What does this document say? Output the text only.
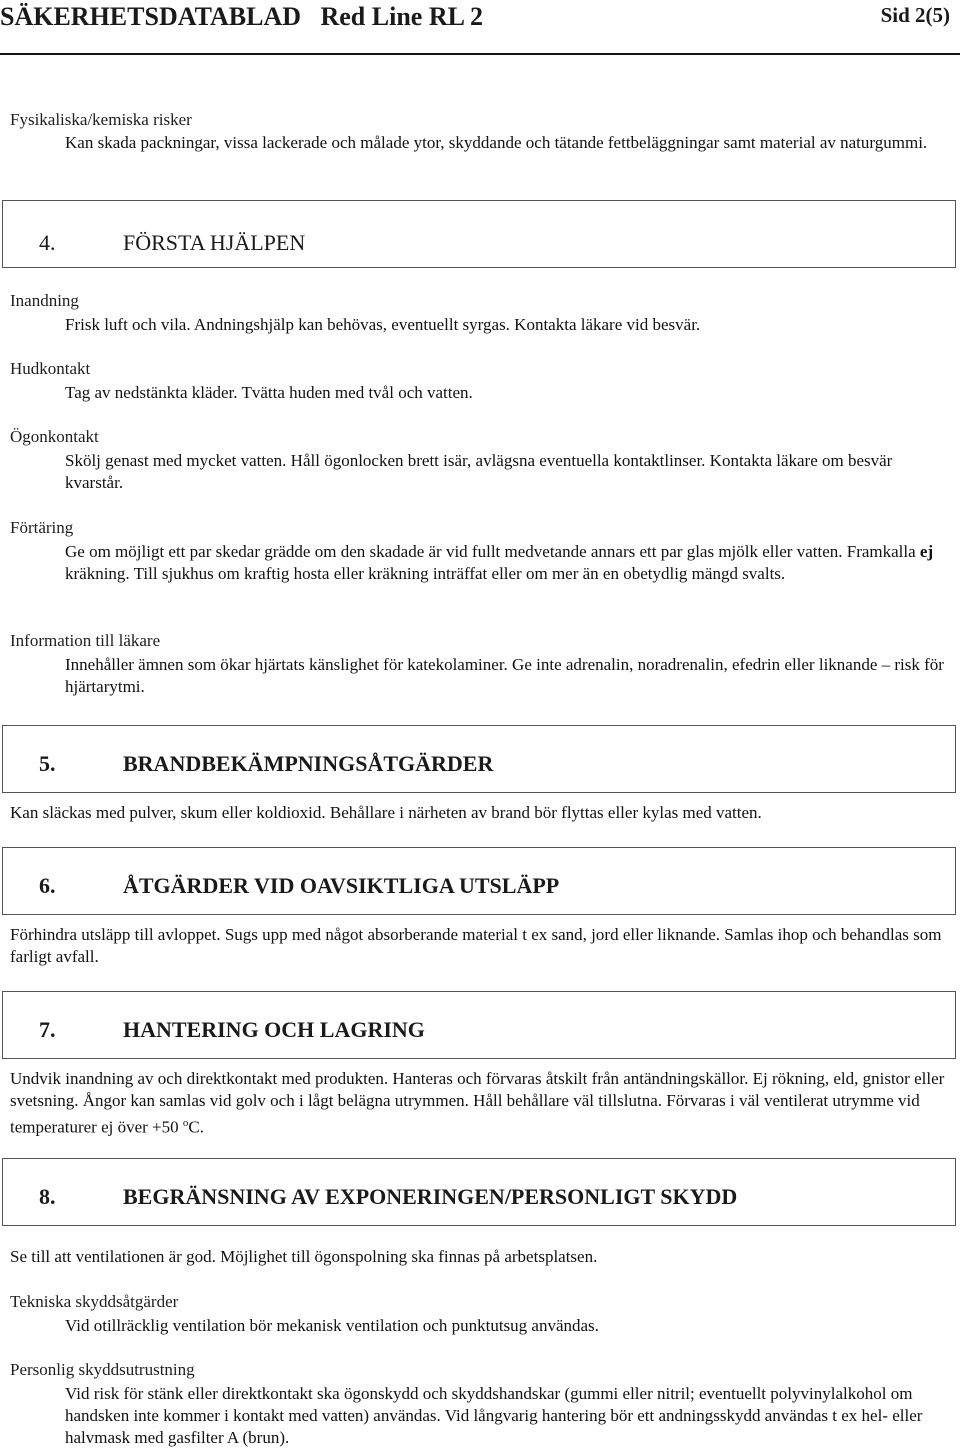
SÄKERHETSDATABLAD   Red Line RL 2	Sid 2(5)
Fysikaliska/kemiska risker
Kan skada packningar, vissa lackerade och målade ytor, skyddande och tätande fettbeläggningar samt material av naturgummi.
4.	FÖRSTA HJÄLPEN
Inandning
Frisk luft och vila. Andningshjälp kan behövas, eventuellt syrgas. Kontakta läkare vid besvär.
Hudkontakt
Tag av nedstänkta kläder. Tvätta huden med tvål och vatten.
Ögonkontakt
Skölj genast med mycket vatten. Håll ögonlocken brett isär, avlägsna eventuella kontaktlinser. Kontakta läkare om besvär kvarstår.
Förtäring
Ge om möjligt ett par skedar grädde om den skadade är vid fullt medvetande annars ett par glas mjölk eller vatten. Framkalla ej kräkning. Till sjukhus om kraftig hosta eller kräkning inträffat eller om mer än en obetydlig mängd svalts.
Information till läkare
Innehåller ämnen som ökar hjärtats känslighet för katekolaminer. Ge inte adrenalin, noradrenalin, efedrin eller liknande – risk för hjärtarytmi.
5.	BRANDBEKÄMPNINGSÅTGÄRDER
Kan släckas med pulver, skum eller koldioxid. Behållare i närheten av brand bör flyttas eller kylas med vatten.
6.	ÅTGÄRDER VID OAVSIKTLIGA UTSLÄPP
Förhindra utsläpp till avloppet. Sugs upp med något absorberande material t ex sand, jord eller liknande. Samlas ihop och behandlas som farligt avfall.
7.	HANTERING OCH LAGRING
Undvik inandning av och direktkontakt med produkten. Hanteras och förvaras åtskilt från antändningskällor. Ej rökning, eld, gnistor eller svetsning. Ångor kan samlas vid golv och i lågt belägna utrymmen. Håll behållare väl tillslutna. Förvaras i väl ventilerat utrymme vid temperaturer ej över +50 $^o$C.
8.	BEGRÄNSNING AV EXPONERINGEN/PERSONLIGT SKYDD
Se till att ventilationen är god. Möjlighet till ögonspolning ska finnas på arbetsplatsen.
Tekniska skyddsåtgärder
Vid otillräcklig ventilation bör mekanisk ventilation och punktutsug användas.
Personlig skyddsutrustning
Vid risk för stänk eller direktkontakt ska ögonskydd och skyddshandskar (gummi eller nitril; eventuellt polyvinylalkohol om handsken inte kommer i kontakt med vatten) användas. Vid långvarig hantering bör ett andningsskydd användas t ex hel- eller halvmask med gasfilter A (brun).
